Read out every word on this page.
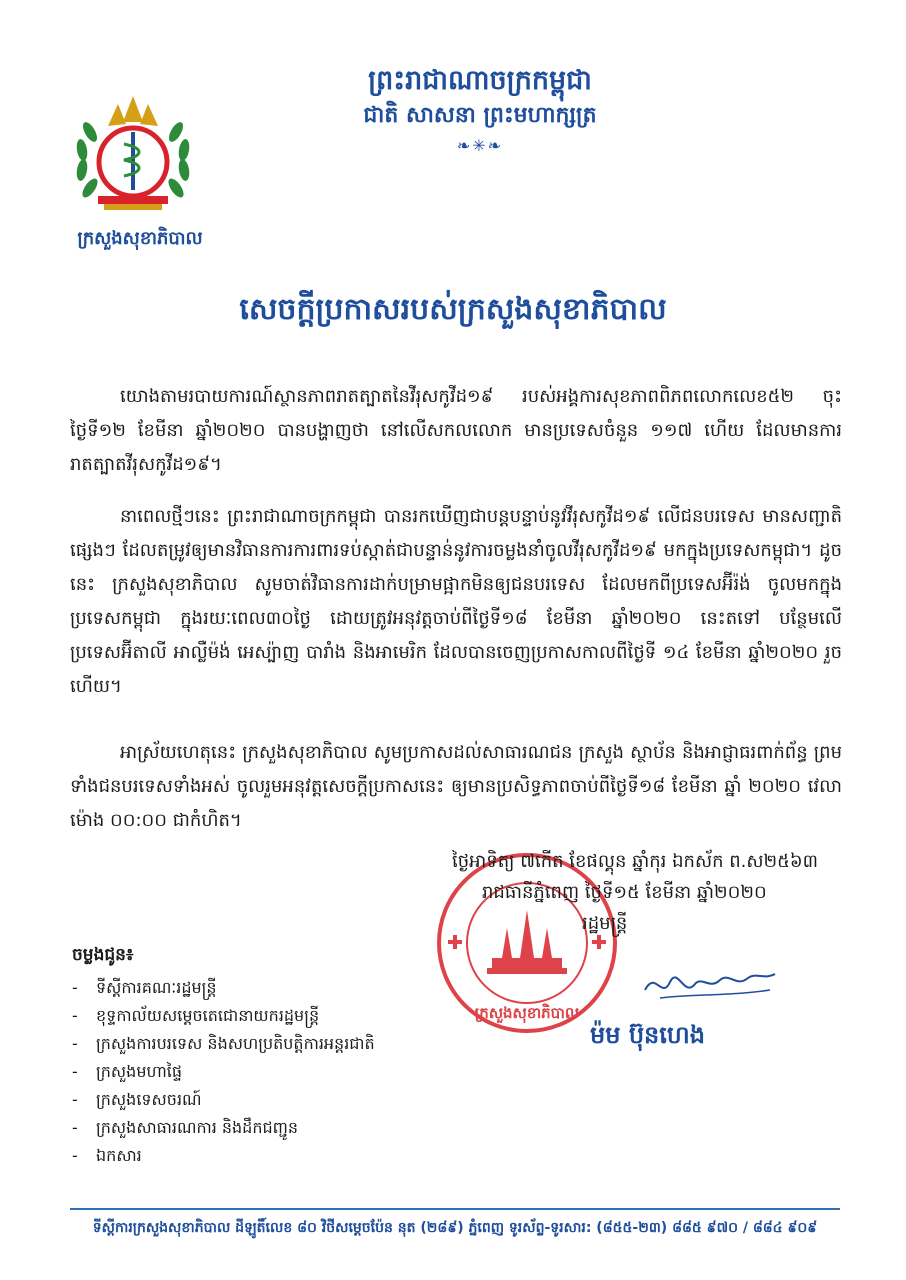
ក្រសួងសុខាភិបាល
ព្រះរាជាណាចក្រកម្ពុជា
ជាតិ សាសនា ព្រះមហាក្សត្រ
❧✳❧
សេចក្តីប្រកាសរបស់ក្រសួងសុខាភិបាល
យោងតាមរបាយការណ៍ស្ថានភាពរាតត្បាតនៃវីរុសកូវីដ១៩ របស់អង្គការសុខភាពពិភពលោកលេខ៥២ ចុះថ្ងៃទី១២ ខែមីនា ឆ្នាំ២០២០ បានបង្ហាញថា នៅលើសកលលោក មានប្រទេសចំនួន ១១៧ ហើយ ដែលមានការរាតត្បាតវីរុសកូវីដ១៩។
នាពេលថ្មីៗនេះ ព្រះរាជាណាចក្រកម្ពុជា បានរកឃើញជាបន្តបន្ទាប់នូវវីរុសកូវីដ១៩ លើជនបរទេស មានសញ្ជាតិផ្សេងៗ ដែលតម្រូវឲ្យមានវិធានការការពារទប់ស្កាត់ជាបន្ទាន់នូវការចម្លងនាំចូលវីរុសកូវីដ១៩ មកក្នុងប្រទេសកម្ពុជា។ ដូចនេះ ក្រសួងសុខាភិបាល សូមចាត់វិធានការដាក់បម្រាមផ្អាកមិនឲ្យជនបរទេស ដែលមកពីប្រទេសអ៊ីរ៉ង់ ចូលមកក្នុងប្រទេសកម្ពុជា ក្នុងរយៈពេល៣០ថ្ងៃ ដោយត្រូវអនុវត្តចាប់ពីថ្ងៃទី១៨ ខែមីនា ឆ្នាំ២០២០ នេះតទៅ បន្ថែមលើប្រទេសអ៊ីតាលី អាល្លឺម៉ង់ អេស្ប៉ាញ បារាំង និងអាមេរិក ដែលបានចេញប្រកាសកាលពីថ្ងៃទី ១៤ ខែមីនា ឆ្នាំ២០២០ រួចហើយ។
អាស្រ័យហេតុនេះ ក្រសួងសុខាភិបាល សូមប្រកាសដល់សាធារណជន ក្រសួង ស្ថាប័ន និងអាជ្ញាធរពាក់ព័ន្ធ ព្រមទាំងជនបរទេសទាំងអស់ ចូលរួមអនុវត្តសេចក្តីប្រកាសនេះ ឲ្យមានប្រសិទ្ធភាពចាប់ពីថ្ងៃទី១៨ ខែមីនា ឆ្នាំ ២០២០ វេលាម៉ោង ០០:០០ ជាកំហិត។
ក្រសួងសុខាភិបាល
ថ្ងៃអាទិត្យ ៧កើត ខែផល្គុន ឆ្នាំកុរ ឯកស័ក ព.ស២៥៦៣
រាជធានីភ្នំពេញ ថ្ងៃទី១៥ ខែមីនា ឆ្នាំ២០២០
រដ្ឋមន្ត្រី
ម៉ម ប៊ុនហេង
ចម្លងជូន៖
-	ទីស្តីការគណៈរដ្ឋមន្ត្រី
-	ខុទ្ទកាល័យសម្តេចតេជោនាយករដ្ឋមន្ត្រី
-	ក្រសួងការបរទេស និងសហប្រតិបត្តិការអន្តរជាតិ
-	ក្រសួងមហាផ្ទៃ
-	ក្រសួងទេសចរណ៍
-	ក្រសួងសាធារណការ និងដឹកជញ្ជូន
-	ឯកសារ
ទីស្តីការក្រសួងសុខាភិបាល ដីឡូតិ៍លេខ ៨០ វិថីសម្តេចប៉ែន នុត (២៨៩) ភ្នំពេញ ទូរស័ព្ទ-ទូរសារ: (៨៥៥-២៣) ៨៨៥ ៩៧០ / ៨៨៤ ៩០៩
